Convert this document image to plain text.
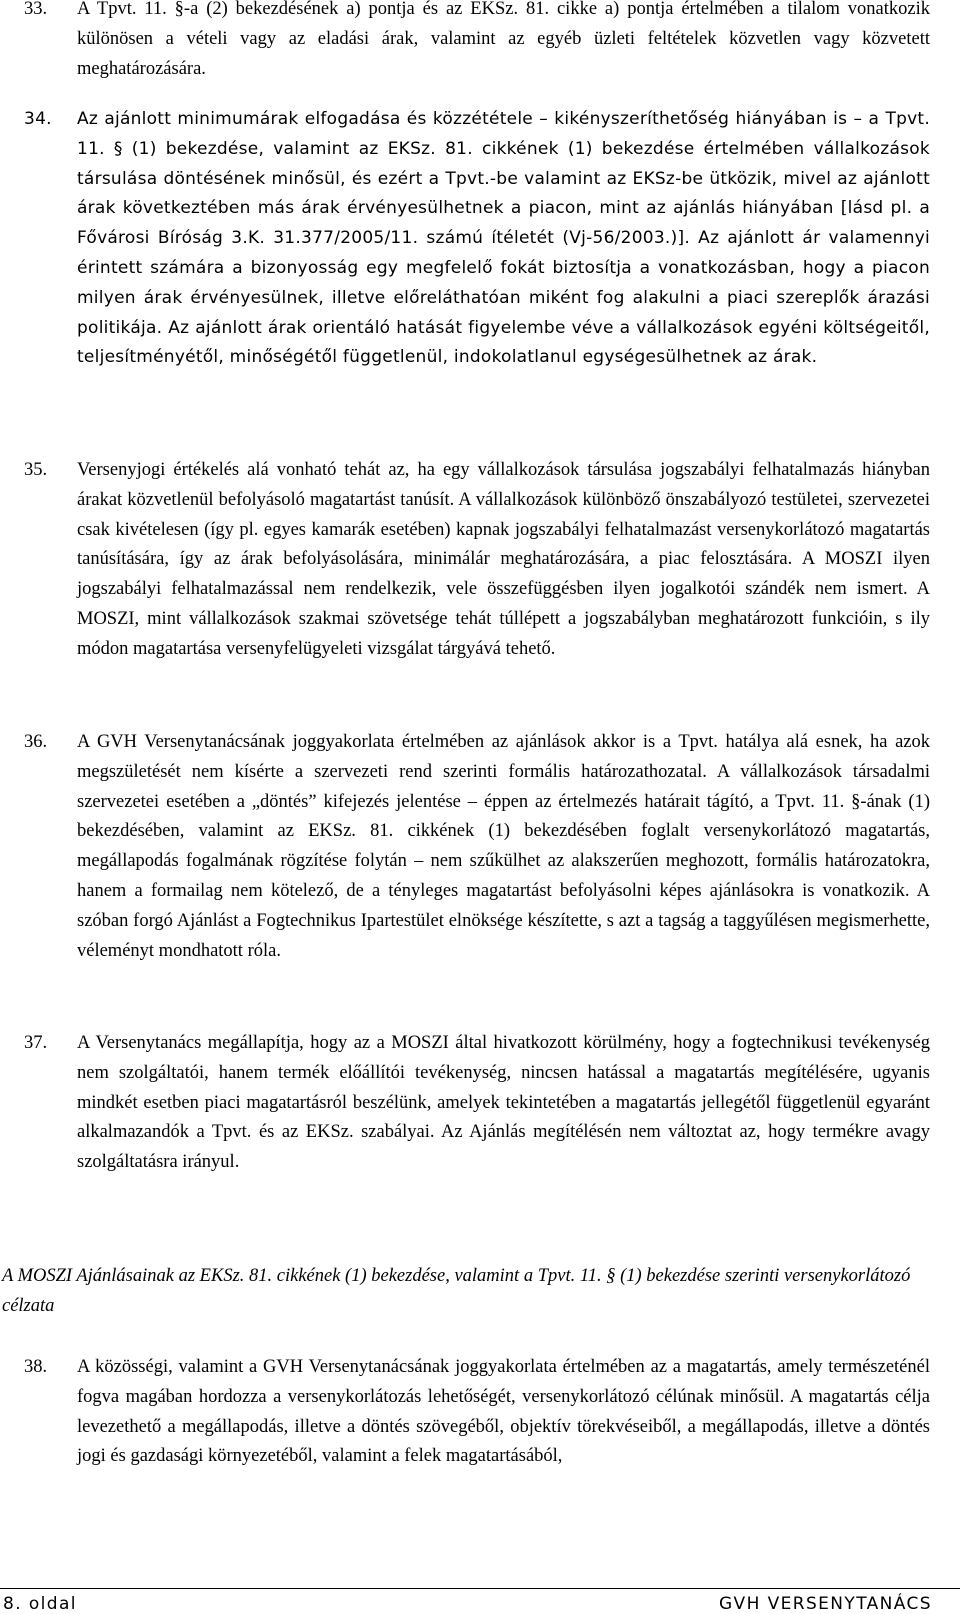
33.	A Tpvt. 11. §-a (2) bekezdésének a) pontja és az EKSz. 81. cikke a) pontja értelmében a tilalom vonatkozik különösen a vételi vagy az eladási árak, valamint az egyéb üzleti feltételek közvetlen vagy közvetett meghatározására.
34.	Az ajánlott minimumárak elfogadása és közzététele – kikényszeríthetőség hiányában is – a Tpvt. 11. § (1) bekezdése, valamint az EKSz. 81. cikkének (1) bekezdése értelmében vállalkozások társulása döntésének minősül, és ezért a Tpvt.-be valamint az EKSz-be ütközik, mivel az ajánlott árak következtében más árak érvényesülhetnek a piacon, mint az ajánlás hiányában [lásd pl. a Fővárosi Bíróság 3.K. 31.377/2005/11. számú ítéletét (Vj-56/2003.)]. Az ajánlott ár valamennyi érintett számára a bizonyosság egy megfelelő fokát biztosítja a vonatkozásban, hogy a piacon milyen árak érvényesülnek, illetve előreláthatóan miként fog alakulni a piaci szereplők árazási politikája. Az ajánlott árak orientáló hatását figyelembe véve a vállalkozások egyéni költségeitől, teljesítményétől, minőségétől függetlenül, indokolatlanul egységesülhetnek az árak.
35.	Versenyjogi értékelés alá vonható tehát az, ha egy vállalkozások társulása jogszabályi felhatalmazás hiányban árakat közvetlenül befolyásoló magatartást tanúsít. A vállalkozások különböző önszabályozó testületei, szervezetei csak kivételesen (így pl. egyes kamarák esetében) kapnak jogszabályi felhatalmazást versenykorlátozó magatartás tanúsítására, így az árak befolyásolására, minimálár meghatározására, a piac felosztására. A MOSZI ilyen jogszabályi felhatalmazással nem rendelkezik, vele összefüggésben ilyen jogalkotói szándék nem ismert. A MOSZI, mint vállalkozások szakmai szövetsége tehát túllépett a jogszabályban meghatározott funkcióin, s ily módon magatartása versenyfelügyeleti vizsgálat tárgyává tehető.
36.	A GVH Versenytanácsának joggyakorlata értelmében az ajánlások akkor is a Tpvt. hatálya alá esnek, ha azok megszületését nem kísérte a szervezeti rend szerinti formális határozathozatal. A vállalkozások társadalmi szervezetei esetében a „döntés” kifejezés jelentése – éppen az értelmezés határait tágító, a Tpvt. 11. §-ának (1) bekezdésében, valamint az EKSz. 81. cikkének (1) bekezdésében foglalt versenykorlátozó magatartás, megállapodás fogalmának rögzítése folytán – nem szűkülhet az alakszerűen meghozott, formális határozatokra, hanem a formailag nem kötelező, de a tényleges magatartást befolyásolni képes ajánlásokra is vonatkozik. A szóban forgó Ajánlást a Fogtechnikus Ipartestület elnöksége készítette, s azt a tagság a taggyűlésen megismerhette, véleményt mondhatott róla.
37.	A Versenytanács megállapítja, hogy az a MOSZI által hivatkozott körülmény, hogy a fogtechnikusi tevékenység nem szolgáltatói, hanem termék előállítói tevékenység, nincsen hatással a magatartás megítélésére, ugyanis mindkét esetben piaci magatartásról beszélünk, amelyek tekintetében a magatartás jellegétől függetlenül egyaránt alkalmazandók a Tpvt. és az EKSz. szabályai. Az Ajánlás megítélésén nem változtat az, hogy termékre avagy szolgáltatásra irányul.
A MOSZI Ajánlásainak az EKSz. 81. cikkének (1) bekezdése, valamint a Tpvt. 11. § (1) bekezdése szerinti versenykorlátozó célzata
38.	A közösségi, valamint a GVH Versenytanácsának joggyakorlata értelmében az a magatartás, amely természeténél fogva magában hordozza a versenykorlátozás lehetőségét, versenykorlátozó célúnak minősül. A magatartás célja levezethető a megállapodás, illetve a döntés szövegéből, objektív törekvéseiből, a megállapodás, illetve a döntés jogi és gazdasági környezetéből, valamint a felek magatartásából,
8. oldal	GVH VERSENYTANÁCS
